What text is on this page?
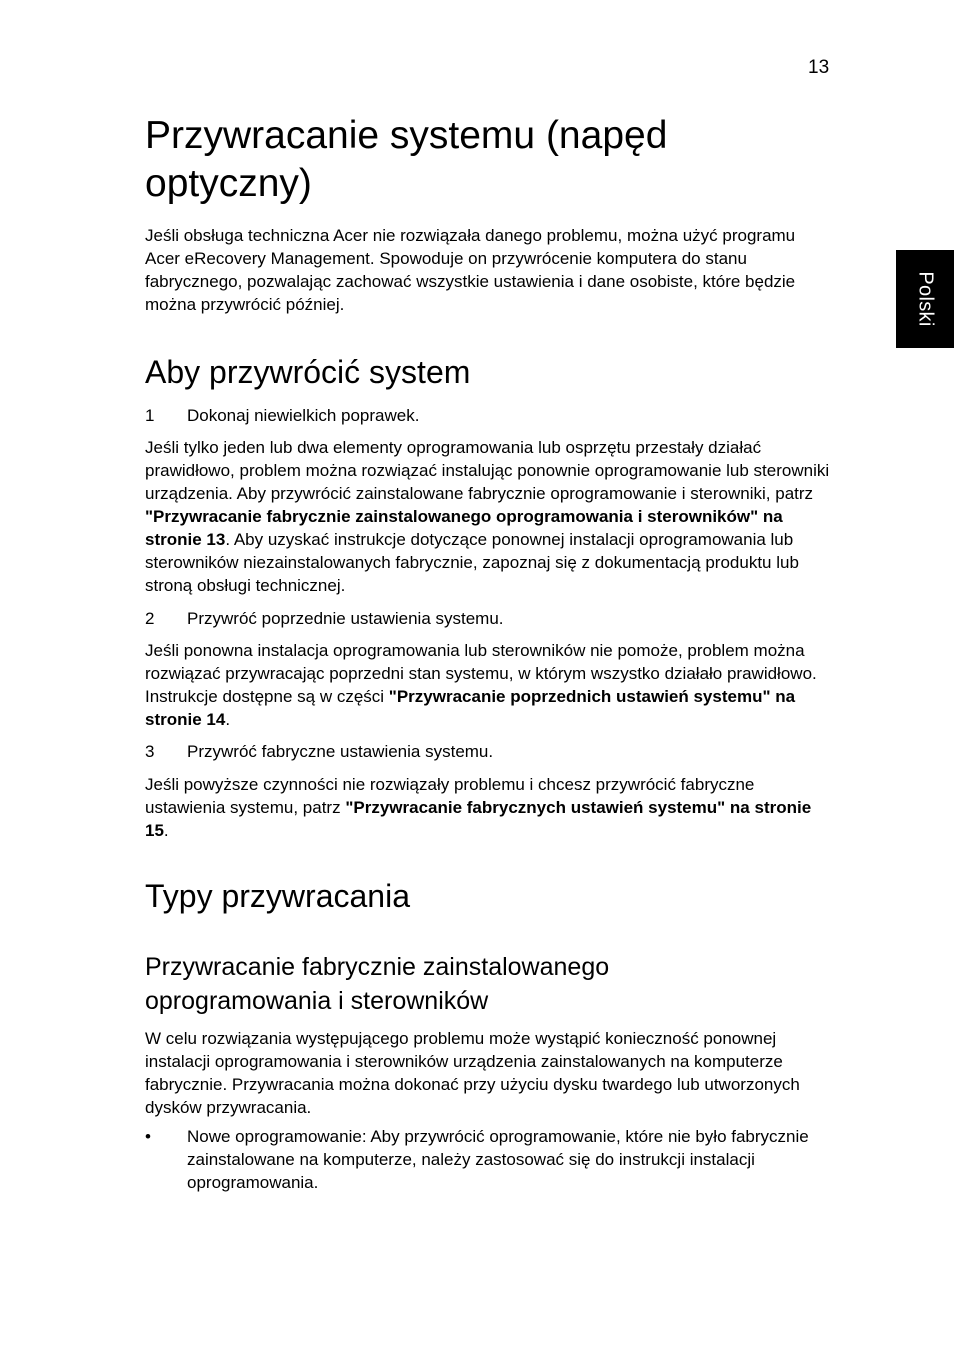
13
Polski
Przywracanie systemu (napęd
optyczny)

Jeśli obsługa techniczna Acer nie rozwiązała danego problemu, można użyć programu Acer eRecovery Management. Spowoduje on przywrócenie komputera do stanu fabrycznego, pozwalając zachować wszystkie ustawienia i dane osobiste, które będzie można przywrócić później.

Aby przywrócić system
1 Dokonaj niewielkich poprawek.

Jeśli tylko jeden lub dwa elementy oprogramowania lub osprzętu przestały działać prawidłowo, problem można rozwiązać instalując ponownie oprogramowanie lub sterowniki urządzenia. Aby przywrócić zainstalowane fabrycznie oprogramowanie i sterowniki, patrz "Przywracanie fabrycznie zainstalowanego oprogramowania i sterowników" na stronie 13. Aby uzyskać instrukcje dotyczące ponownej instalacji oprogramowania lub sterowników niezainstalowanych fabrycznie, zapoznaj się z dokumentacją produktu lub stroną obsługi technicznej.

2 Przywróć poprzednie ustawienia systemu.

Jeśli ponowna instalacja oprogramowania lub sterowników nie pomoże, problem można rozwiązać przywracając poprzedni stan systemu, w którym wszystko działało prawidłowo. Instrukcje dostępne są w części "Przywracanie poprzednich ustawień systemu" na stronie 14.

3 Przywróć fabryczne ustawienia systemu.

Jeśli powyższe czynności nie rozwiązały problemu i chcesz przywrócić fabryczne ustawienia systemu, patrz "Przywracanie fabrycznych ustawień systemu" na stronie 15.

Typy przywracania
Przywracanie fabrycznie zainstalowanego
oprogramowania i sterowników

W celu rozwiązania występującego problemu może wystąpić konieczność ponownej instalacji oprogramowania i sterowników urządzenia zainstalowanych na komputerze fabrycznie. Przywracania można dokonać przy użyciu dysku twardego lub utworzonych dysków przywracania.

• Nowe oprogramowanie: Aby przywrócić oprogramowanie, które nie było fabrycznie zainstalowane na komputerze, należy zastosować się do instrukcji instalacji oprogramowania.
